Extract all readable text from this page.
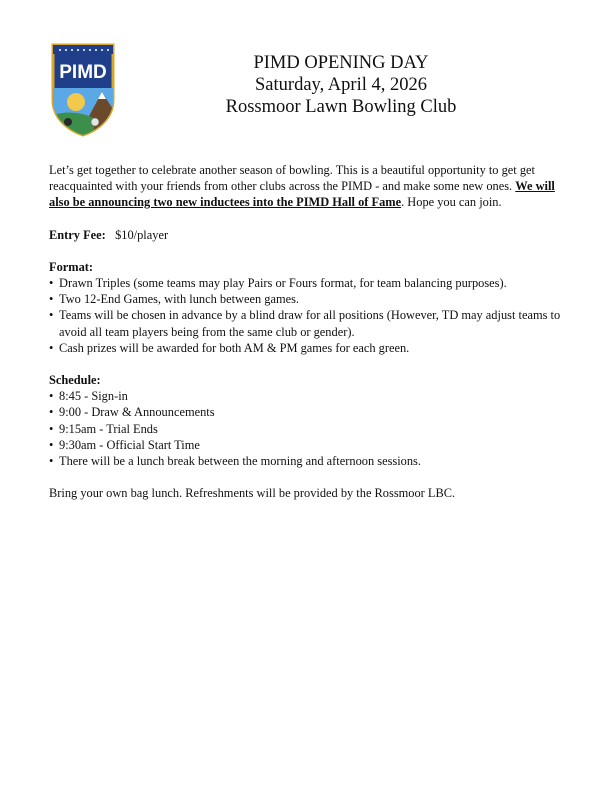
PIMD	PIMD OPENING DAY
Saturday, April 4, 2026
Rossmoor Lawn Bowling Club

Let’s get together to celebrate another season of bowling. This is a beautiful opportunity to get get reacquainted with your friends from other clubs across the PIMD - and make some new ones. We will also be announcing two new inductees into the PIMD Hall of Fame. Hope you can join.

Entry Fee: $10/player

Format:

• Drawn Triples (some teams may play Pairs or Fours format, for team balancing purposes).
• Two 12-End Games, with lunch between games.
• Teams will be chosen in advance by a blind draw for all positions (However, TD may adjust teams to avoid all team players being from the same club or gender).
• Cash prizes will be awarded for both AM & PM games for each green.

Schedule:

• 8:45 - Sign-in
• 9:00 - Draw & Announcements
• 9:15am - Trial Ends
• 9:30am - Official Start Time
• There will be a lunch break between the morning and afternoon sessions.

Bring your own bag lunch. Refreshments will be provided by the Rossmoor LBC.
